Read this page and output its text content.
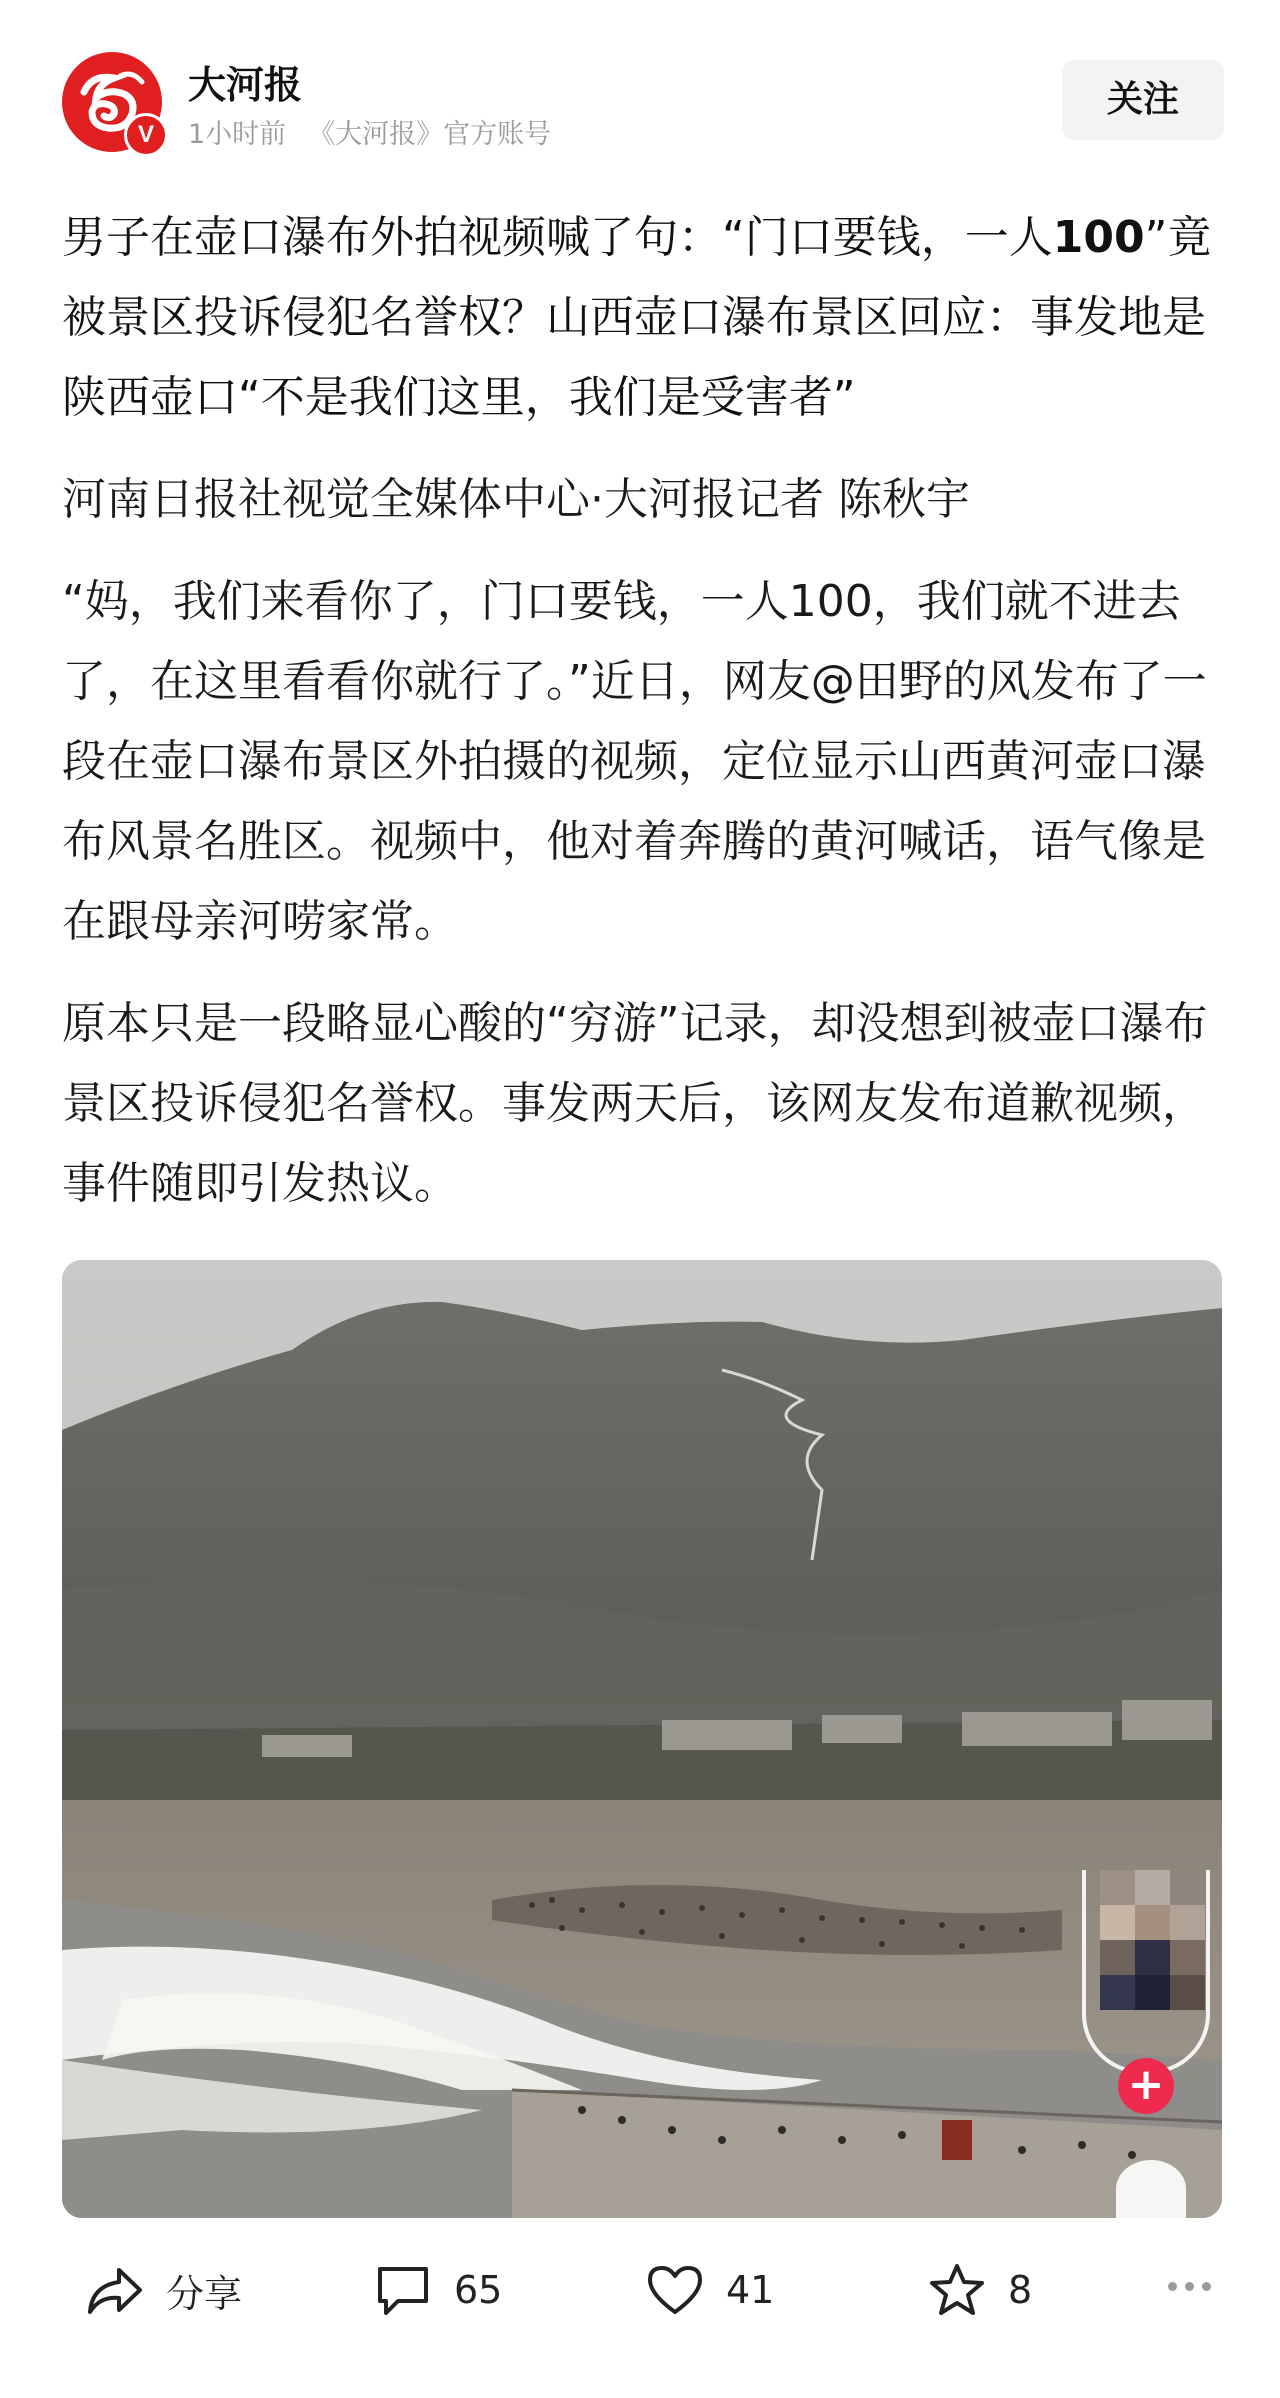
V
大河报
1小时前 《大河报》官方账号
关注
男子在壶口瀑布外拍视频喊了句：“门口要钱，一人100”竟被景区投诉侵犯名誉权？山西壶口瀑布景区回应：事发地是陕西壶口“不是我们这里，我们是受害者”

河南日报社视觉全媒体中心·大河报记者 陈秋宇

“妈，我们来看你了，门口要钱，一人100，我们就不进去了，在这里看看你就行了。”近日，网友@田野的风发布了一段在壶口瀑布景区外拍摄的视频，定位显示山西黄河壶口瀑布风景名胜区。视频中，他对着奔腾的黄河喊话，语气像是在跟母亲河唠家常。

原本只是一段略显心酸的“穷游”记录，却没想到被壶口瀑布景区投诉侵犯名誉权。事发两天后，该网友发布道歉视频，事件随即引发热议。

+
分享	65	41	8
